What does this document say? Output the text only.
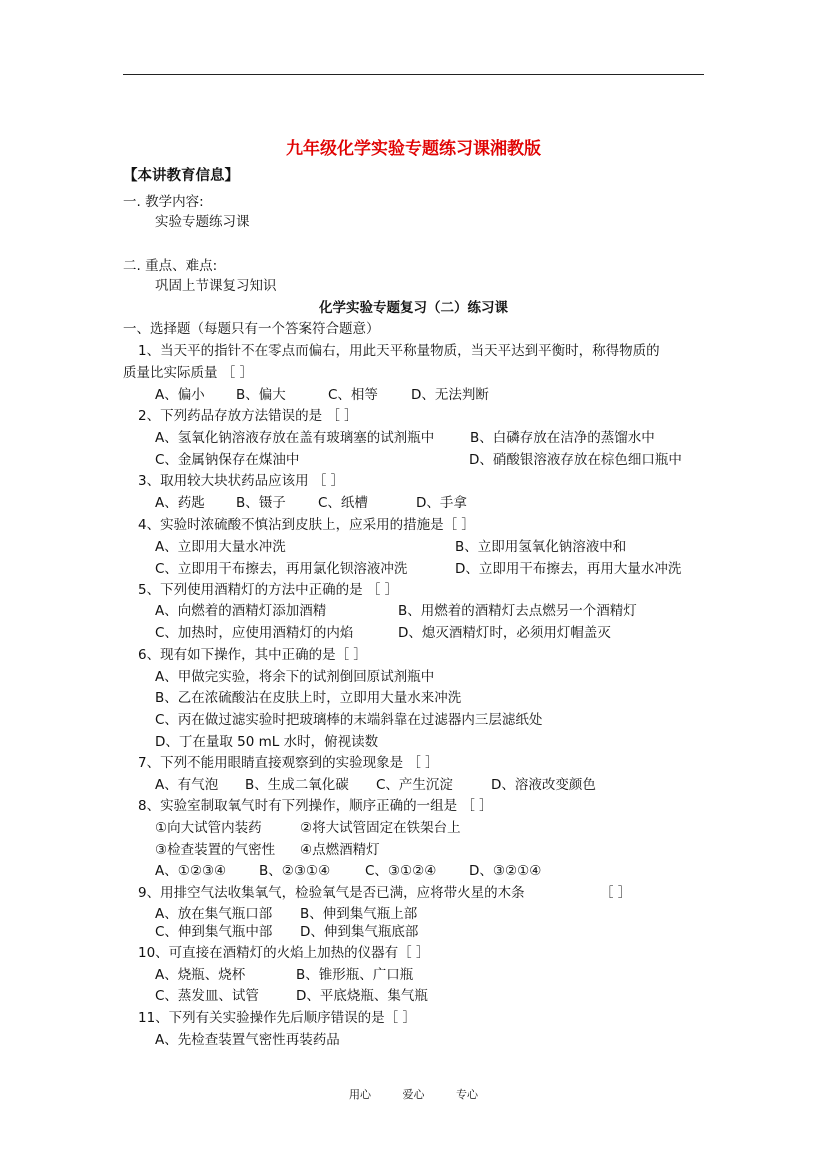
九年级化学实验专题练习课湘教版
【本讲教育信息】
一. 教学内容:
实验专题练习课
二. 重点、难点:
巩固上节课复习知识
化学实验专题复习（二）练习课
一、选择题（每题只有一个答案符合题意）
1、当天平的指针不在零点而偏右，用此天平称量物质，当天平达到平衡时，称得物质的
质量比实际质量 ［ ］
A、偏小 B、偏大	C、相等 D、无法判断
2、下列药品存放方法错误的是 ［ ］
A、氢氧化钠溶液存放在盖有玻璃塞的试剂瓶中	B、白磷存放在洁净的蒸馏水中
C、金属钠保存在煤油中	D、硝酸银溶液存放在棕色细口瓶中
3、取用较大块状药品应该用 ［ ］
A、药匙 B、镊子 C、纸槽	D、手拿
4、实验时浓硫酸不慎沾到皮肤上，应采用的措施是［ ］
A、立即用大量水冲洗	B、立即用氢氧化钠溶液中和
C、立即用干布擦去，再用氯化钡溶液冲洗	D、立即用干布擦去，再用大量水冲洗
5、下列使用酒精灯的方法中正确的是 ［ ］
A、向燃着的酒精灯添加酒精	B、用燃着的酒精灯去点燃另一个酒精灯
C、加热时，应使用酒精灯的内焰	D、熄灭酒精灯时，必须用灯帽盖灭
6、现有如下操作，其中正确的是［ ］
A、甲做完实验，将余下的试剂倒回原试剂瓶中
B、乙在浓硫酸沾在皮肤上时，立即用大量水来冲洗
C、丙在做过滤实验时把玻璃棒的末端斜靠在过滤器内三层滤纸处
D、丁在量取 50 mL 水时，俯视读数
7、下列不能用眼睛直接观察到的实验现象是 ［ ］
A、有气泡 B、生成二氧化碳 C、产生沉淀	D、溶液改变颜色
8、实验室制取氧气时有下列操作，顺序正确的一组是 ［ ］
①向大试管内装药	②将大试管固定在铁架台上
③检查装置的气密性 ④点燃酒精灯
A、①②③④ B、②③①④	C、③①②④ D、③②①④
9、用排空气法收集氧气，检验氧气是否已满，应将带火星的木条	［ ］
A、放在集气瓶口部 B、伸到集气瓶上部
C、伸到集气瓶中部 D、伸到集气瓶底部
10、可直接在酒精灯的火焰上加热的仪器有［ ］
A、烧瓶、烧杯	B、锥形瓶、广口瓶
C、蒸发皿、试管	D、平底烧瓶、集气瓶
11、下列有关实验操作先后顺序错误的是［ ］
A、先检查装置气密性再装药品
用心	爱心	专心
